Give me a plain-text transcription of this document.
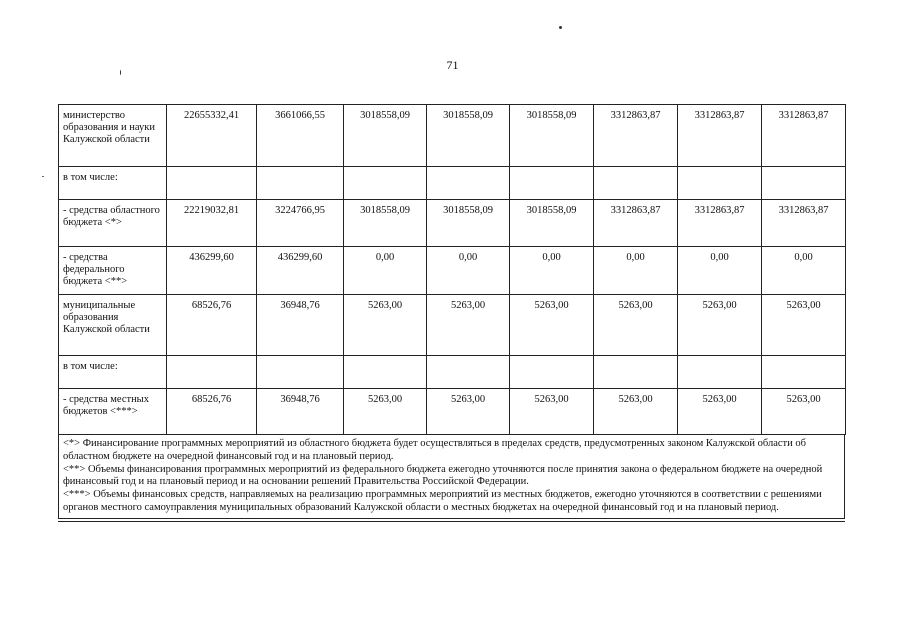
71
министерство образования и науки Калужской области	22655332,41	3661066,55	3018558,09	3018558,09	3018558,09	3312863,87	3312863,87	3312863,87
в том числе:								
- средства областного бюджета <*>	22219032,81	3224766,95	3018558,09	3018558,09	3018558,09	3312863,87	3312863,87	3312863,87
- средства федерального бюджета <**>	436299,60	436299,60	0,00	0,00	0,00	0,00	0,00	0,00
муниципальные образования Калужской области	68526,76	36948,76	5263,00	5263,00	5263,00	5263,00	5263,00	5263,00
в том числе:								
- средства местных бюджетов <***>	68526,76	36948,76	5263,00	5263,00	5263,00	5263,00	5263,00	5263,00
<*> Финансирование программных мероприятий из областного бюджета будет осуществляться в пределах средств, предусмотренных законом Калужской области об областном бюджете на очередной финансовый год и на плановый период.
<**> Объемы финансирования программных мероприятий из федерального бюджета ежегодно уточняются после принятия закона о федеральном бюджете на очередной финансовый год и на плановый период и на основании решений Правительства Российской Федерации.
<***> Объемы финансовых средств, направляемых на реализацию программных мероприятий из местных бюджетов, ежегодно уточняются в соответствии с решениями органов местного самоуправления муниципальных образований Калужской области о местных бюджетах на очередной финансовый год и на плановый период.
